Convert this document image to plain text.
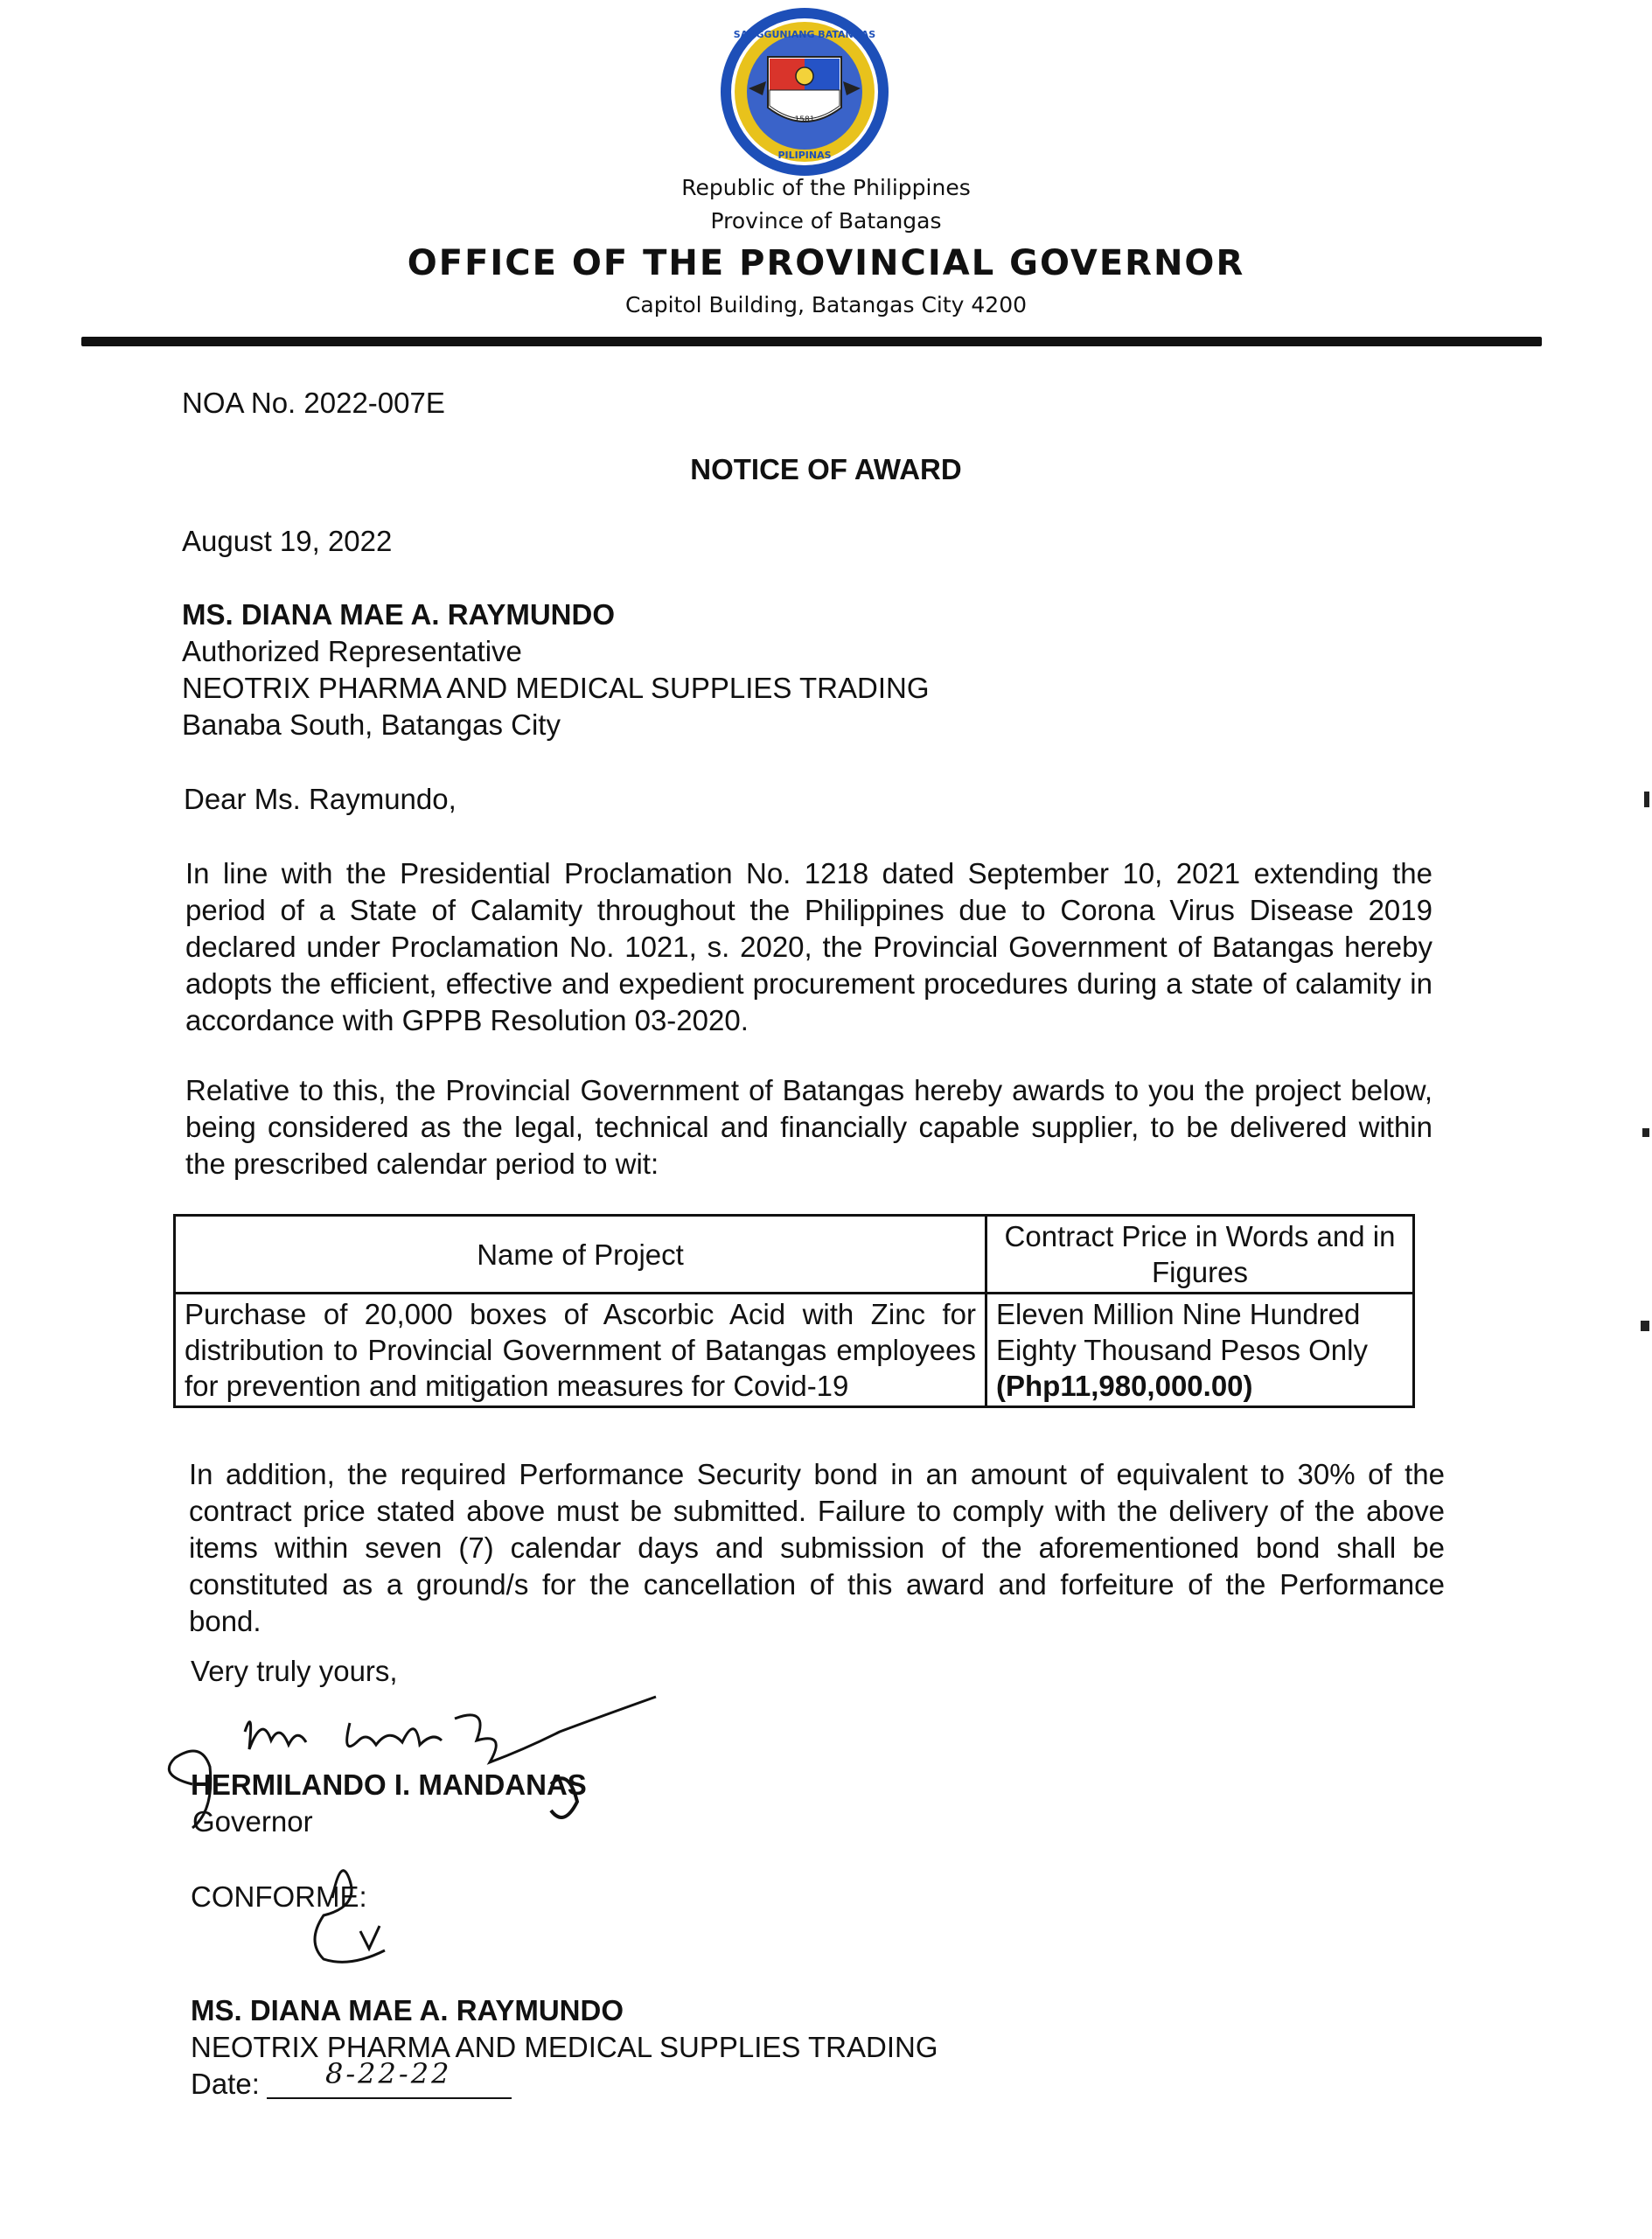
1581
SANGGUNIANG BATANGAS
PILIPINAS
Republic of the Philippines
Province of Batangas
OFFICE OF THE PROVINCIAL GOVERNOR
Capitol Building, Batangas City 4200
NOA No. 2022-007E
NOTICE OF AWARD
August 19, 2022
MS. DIANA MAE A. RAYMUNDO
Authorized Representative
NEOTRIX PHARMA AND MEDICAL SUPPLIES TRADING
Banaba South, Batangas City
Dear Ms. Raymundo,
In line with the Presidential Proclamation No. 1218 dated September 10, 2021 extending the period of a State of Calamity throughout the Philippines due to Corona Virus Disease 2019 declared under Proclamation No. 1021, s. 2020, the Provincial Government of Batangas hereby adopts the efficient, effective and expedient procurement procedures during a state of calamity in accordance with GPPB Resolution 03-2020.
Relative to this, the Provincial Government of Batangas hereby awards to you the project below, being considered as the legal, technical and financially capable supplier, to be delivered within the prescribed calendar period to wit:
Name of Project	Contract Price in Words and in Figures
Purchase of 20,000 boxes of Ascorbic Acid with Zinc for distribution to Provincial Government of Batangas employees for prevention and mitigation measures for Covid-19	Eleven Million Nine Hundred Eighty Thousand Pesos Only
(Php11,980,000.00)
In addition, the required Performance Security bond in an amount of equivalent to 30% of the contract price stated above must be submitted. Failure to comply with the delivery of the above items within seven (7) calendar days and submission of the aforementioned bond shall be constituted as a ground/s for the cancellation of this award and forfeiture of the Performance bond.
Very truly yours,
HERMILANDO I. MANDANAS
Governor
CONFORME:
MS. DIANA MAE A. RAYMUNDO
NEOTRIX PHARMA AND MEDICAL SUPPLIES TRADING
Date: 8-22-22
